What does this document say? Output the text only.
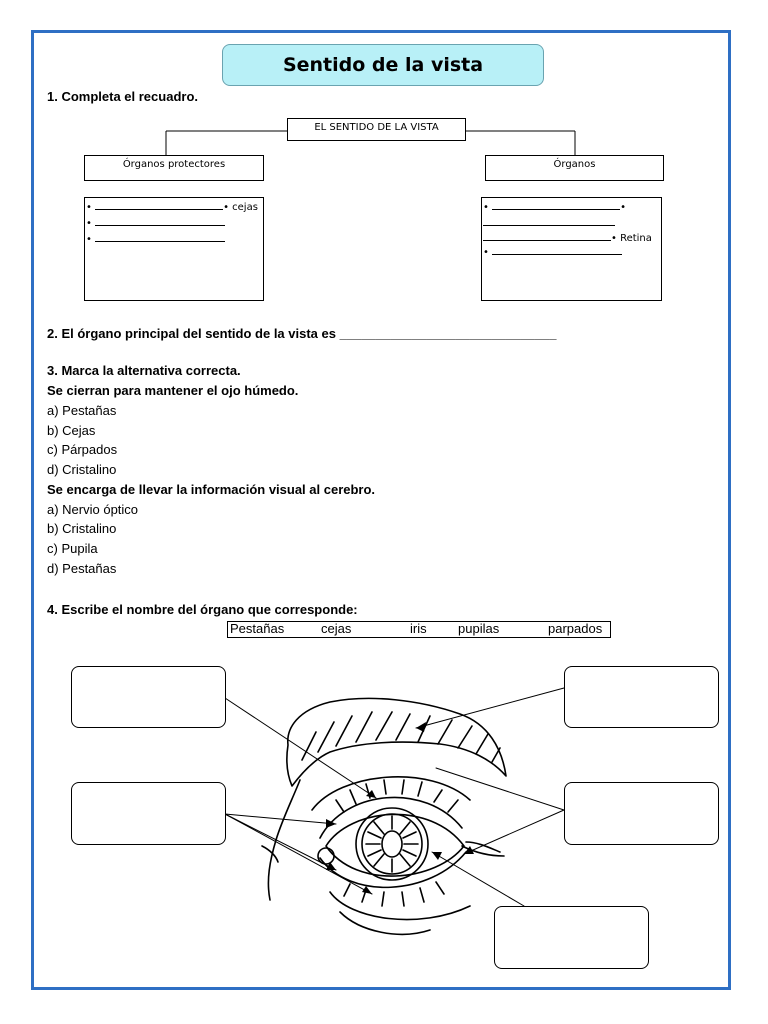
Sentido de la vista
1. Completa el recuadro.
EL SENTIDO DE LA VISTA
Órganos protectores	Órganos
•	• cejas
•
•
•	•
• Retina
•
2. El órgano principal del sentido de la vista es ______________________________
3. Marca la alternativa correcta.
Se cierran para mantener el ojo húmedo.
a) Pestañas
b) Cejas
c) Párpados
d) Cristalino
Se encarga de llevar la información visual al cerebro.
a) Nervio óptico
b) Cristalino
c) Pupila
d) Pestañas
4. Escribe el nombre del órgano que corresponde:
Pestañas	cejas	iris pupilas	parpados
